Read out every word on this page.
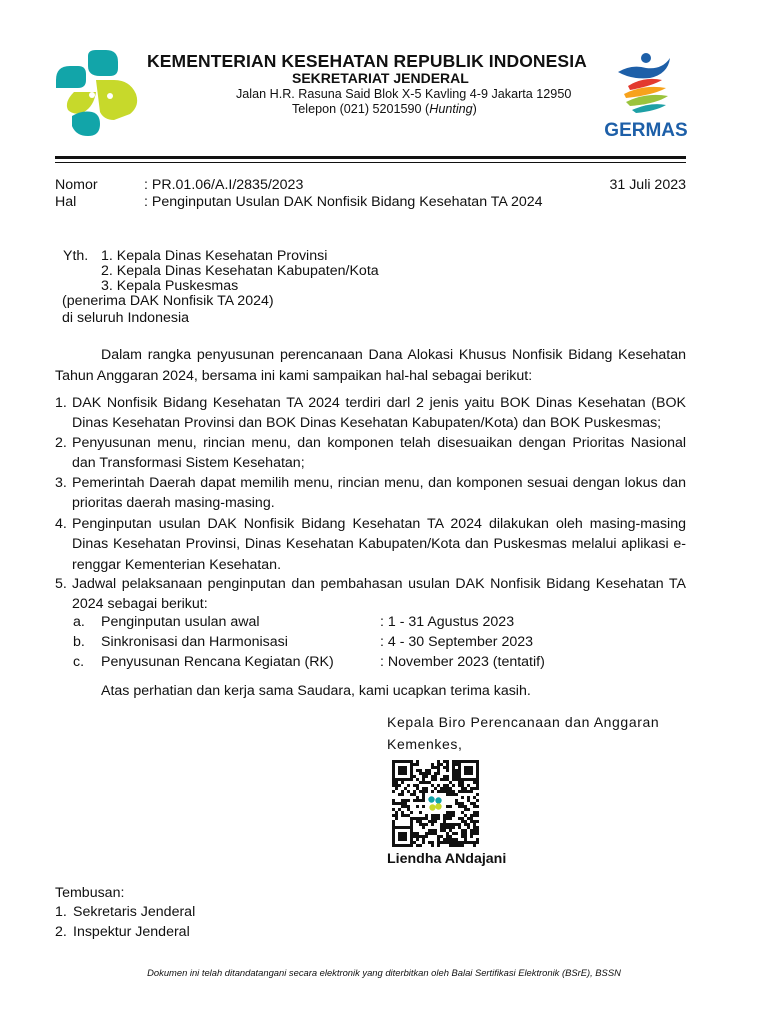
KEMENTERIAN KESEHATAN REPUBLIK INDONESIA
SEKRETARIAT JENDERAL
Jalan H.R. Rasuna Said Blok X-5 Kavling 4-9 Jakarta 12950
Telepon (021) 5201590 (Hunting)
GERMAS
Nomor	: PR.01.06/A.I/2835/2023	31 Juli 2023
Hal	: Penginputan Usulan DAK Nonfisik Bidang Kesehatan TA 2024
Yth. 1. Kepala Dinas Kesehatan Provinsi
2. Kepala Dinas Kesehatan Kabupaten/Kota
3. Kepala Puskesmas
(penerima DAK Nonfisik TA 2024)
di seluruh Indonesia
Dalam rangka penyusunan perencanaan Dana Alokasi Khusus Nonfisik Bidang Kesehatan Tahun Anggaran 2024, bersama ini kami sampaikan hal-hal sebagai berikut:
1. DAK Nonfisik Bidang Kesehatan TA 2024 terdiri darl 2 jenis yaitu BOK Dinas Kesehatan (BOK Dinas Kesehatan Provinsi dan BOK Dinas Kesehatan Kabupaten/Kota) dan BOK Puskesmas;
2. Penyusunan menu, rincian menu, dan komponen telah disesuaikan dengan Prioritas Nasional dan Transformasi Sistem Kesehatan;
3. Pemerintah Daerah dapat memilih menu, rincian menu, dan komponen sesuai dengan lokus dan prioritas daerah masing-masing.
4. Penginputan usulan DAK Nonfisik Bidang Kesehatan TA 2024 dilakukan oleh masing-masing Dinas Kesehatan Provinsi, Dinas Kesehatan Kabupaten/Kota dan Puskesmas melalui aplikasi e-renggar Kementerian Kesehatan.
5. Jadwal pelaksanaan penginputan dan pembahasan usulan DAK Nonfisik Bidang Kesehatan TA 2024 sebagai berikut:
a. Penginputan usulan awal	: 1 - 31 Agustus 2023
b. Sinkronisasi dan Harmonisasi	: 4 - 30 September 2023
c. Penyusunan Rencana Kegiatan (RK)	: November 2023 (tentatif)
Atas perhatian dan kerja sama Saudara, kami ucapkan terima kasih.
Kepala Biro Perencanaan dan Anggaran
Kemenkes,
Liendha ANdajani
Tembusan:
1. Sekretaris Jenderal
2. Inspektur Jenderal
Dokumen ini telah ditandatangani secara elektronik yang diterbitkan oleh Balai Sertifikasi Elektronik (BSrE), BSSN
